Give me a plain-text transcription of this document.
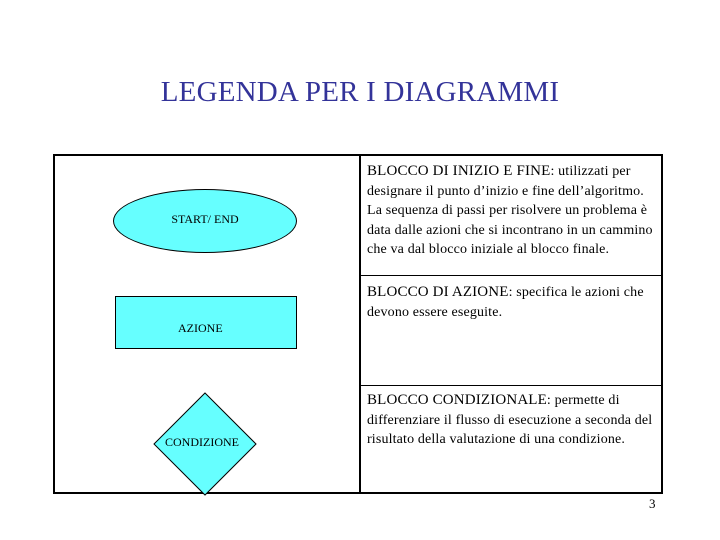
LEGENDA PER I DIAGRAMMI
START/ END
AZIONE
CONDIZIONE
BLOCCO DI INIZIO E FINE: utilizzati per designare il punto d’inizio e fine dell’algoritmo. La sequenza di passi per risolvere un problema è data dalle azioni che si incontrano in un cammino che va dal blocco iniziale al blocco finale.
BLOCCO DI AZIONE: specifica le azioni che devono essere eseguite.
BLOCCO CONDIZIONALE: permette di differenziare il flusso di esecuzione a seconda del risultato della valutazione di una condizione.
3
